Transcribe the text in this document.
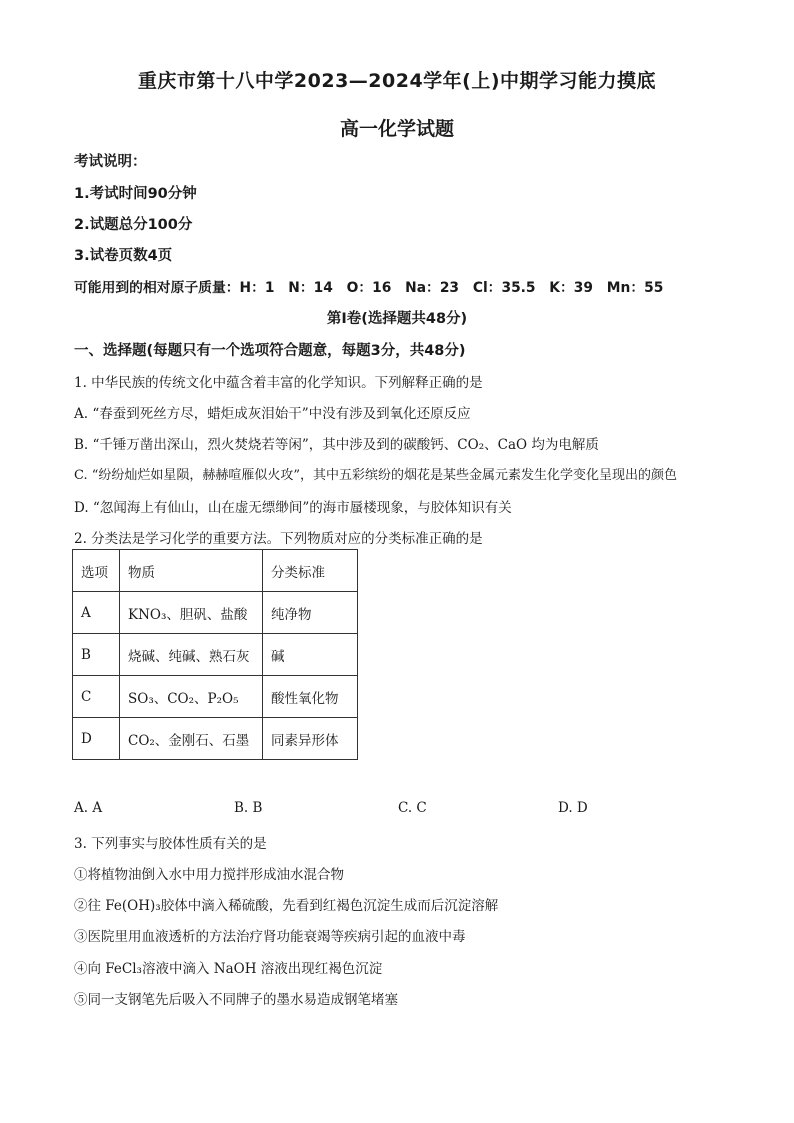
重庆市第十八中学2023—2024学年(上)中期学习能力摸底
高一化学试题
考试说明：
1.考试时间90分钟
2.试题总分100分
3.试卷页数4页
可能用到的相对原子质量：H：1　N：14　O：16　Na：23　Cl：35.5　K：39　Mn：55
第Ⅰ卷(选择题共48分)
一、选择题(每题只有一个选项符合题意，每题3分，共48分)
1. 中华民族的传统文化中蕴含着丰富的化学知识。下列解释正确的是
A. “春蚕到死丝方尽，蜡炬成灰泪始干”中没有涉及到氧化还原反应
B. “千锤万凿出深山，烈火焚烧若等闲”，其中涉及到的碳酸钙、CO₂、CaO 均为电解质
C. “纷纷灿烂如星陨，赫赫喧雁似火攻”，其中五彩缤纷的烟花是某些金属元素发生化学变化呈现出的颜色
D. “忽闻海上有仙山，山在虚无缥缈间”的海市蜃楼现象，与胶体知识有关
2. 分类法是学习化学的重要方法。下列物质对应的分类标准正确的是
选项	物质	分类标准
A	KNO₃、胆矾、盐酸	纯净物
B	烧碱、纯碱、熟石灰	碱
C	SO₃、CO₂、P₂O₅	酸性氧化物
D	CO₂、金刚石、石墨	同素异形体
A. A	B. B	C. C	D. D
3. 下列事实与胶体性质有关的是
①将植物油倒入水中用力搅拌形成油水混合物
②往 Fe(OH)₃胶体中滴入稀硫酸，先看到红褐色沉淀生成而后沉淀溶解
③医院里用血液透析的方法治疗肾功能衰竭等疾病引起的血液中毒
④向 FeCl₃溶液中滴入 NaOH 溶液出现红褐色沉淀
⑤同一支钢笔先后吸入不同牌子的墨水易造成钢笔堵塞
